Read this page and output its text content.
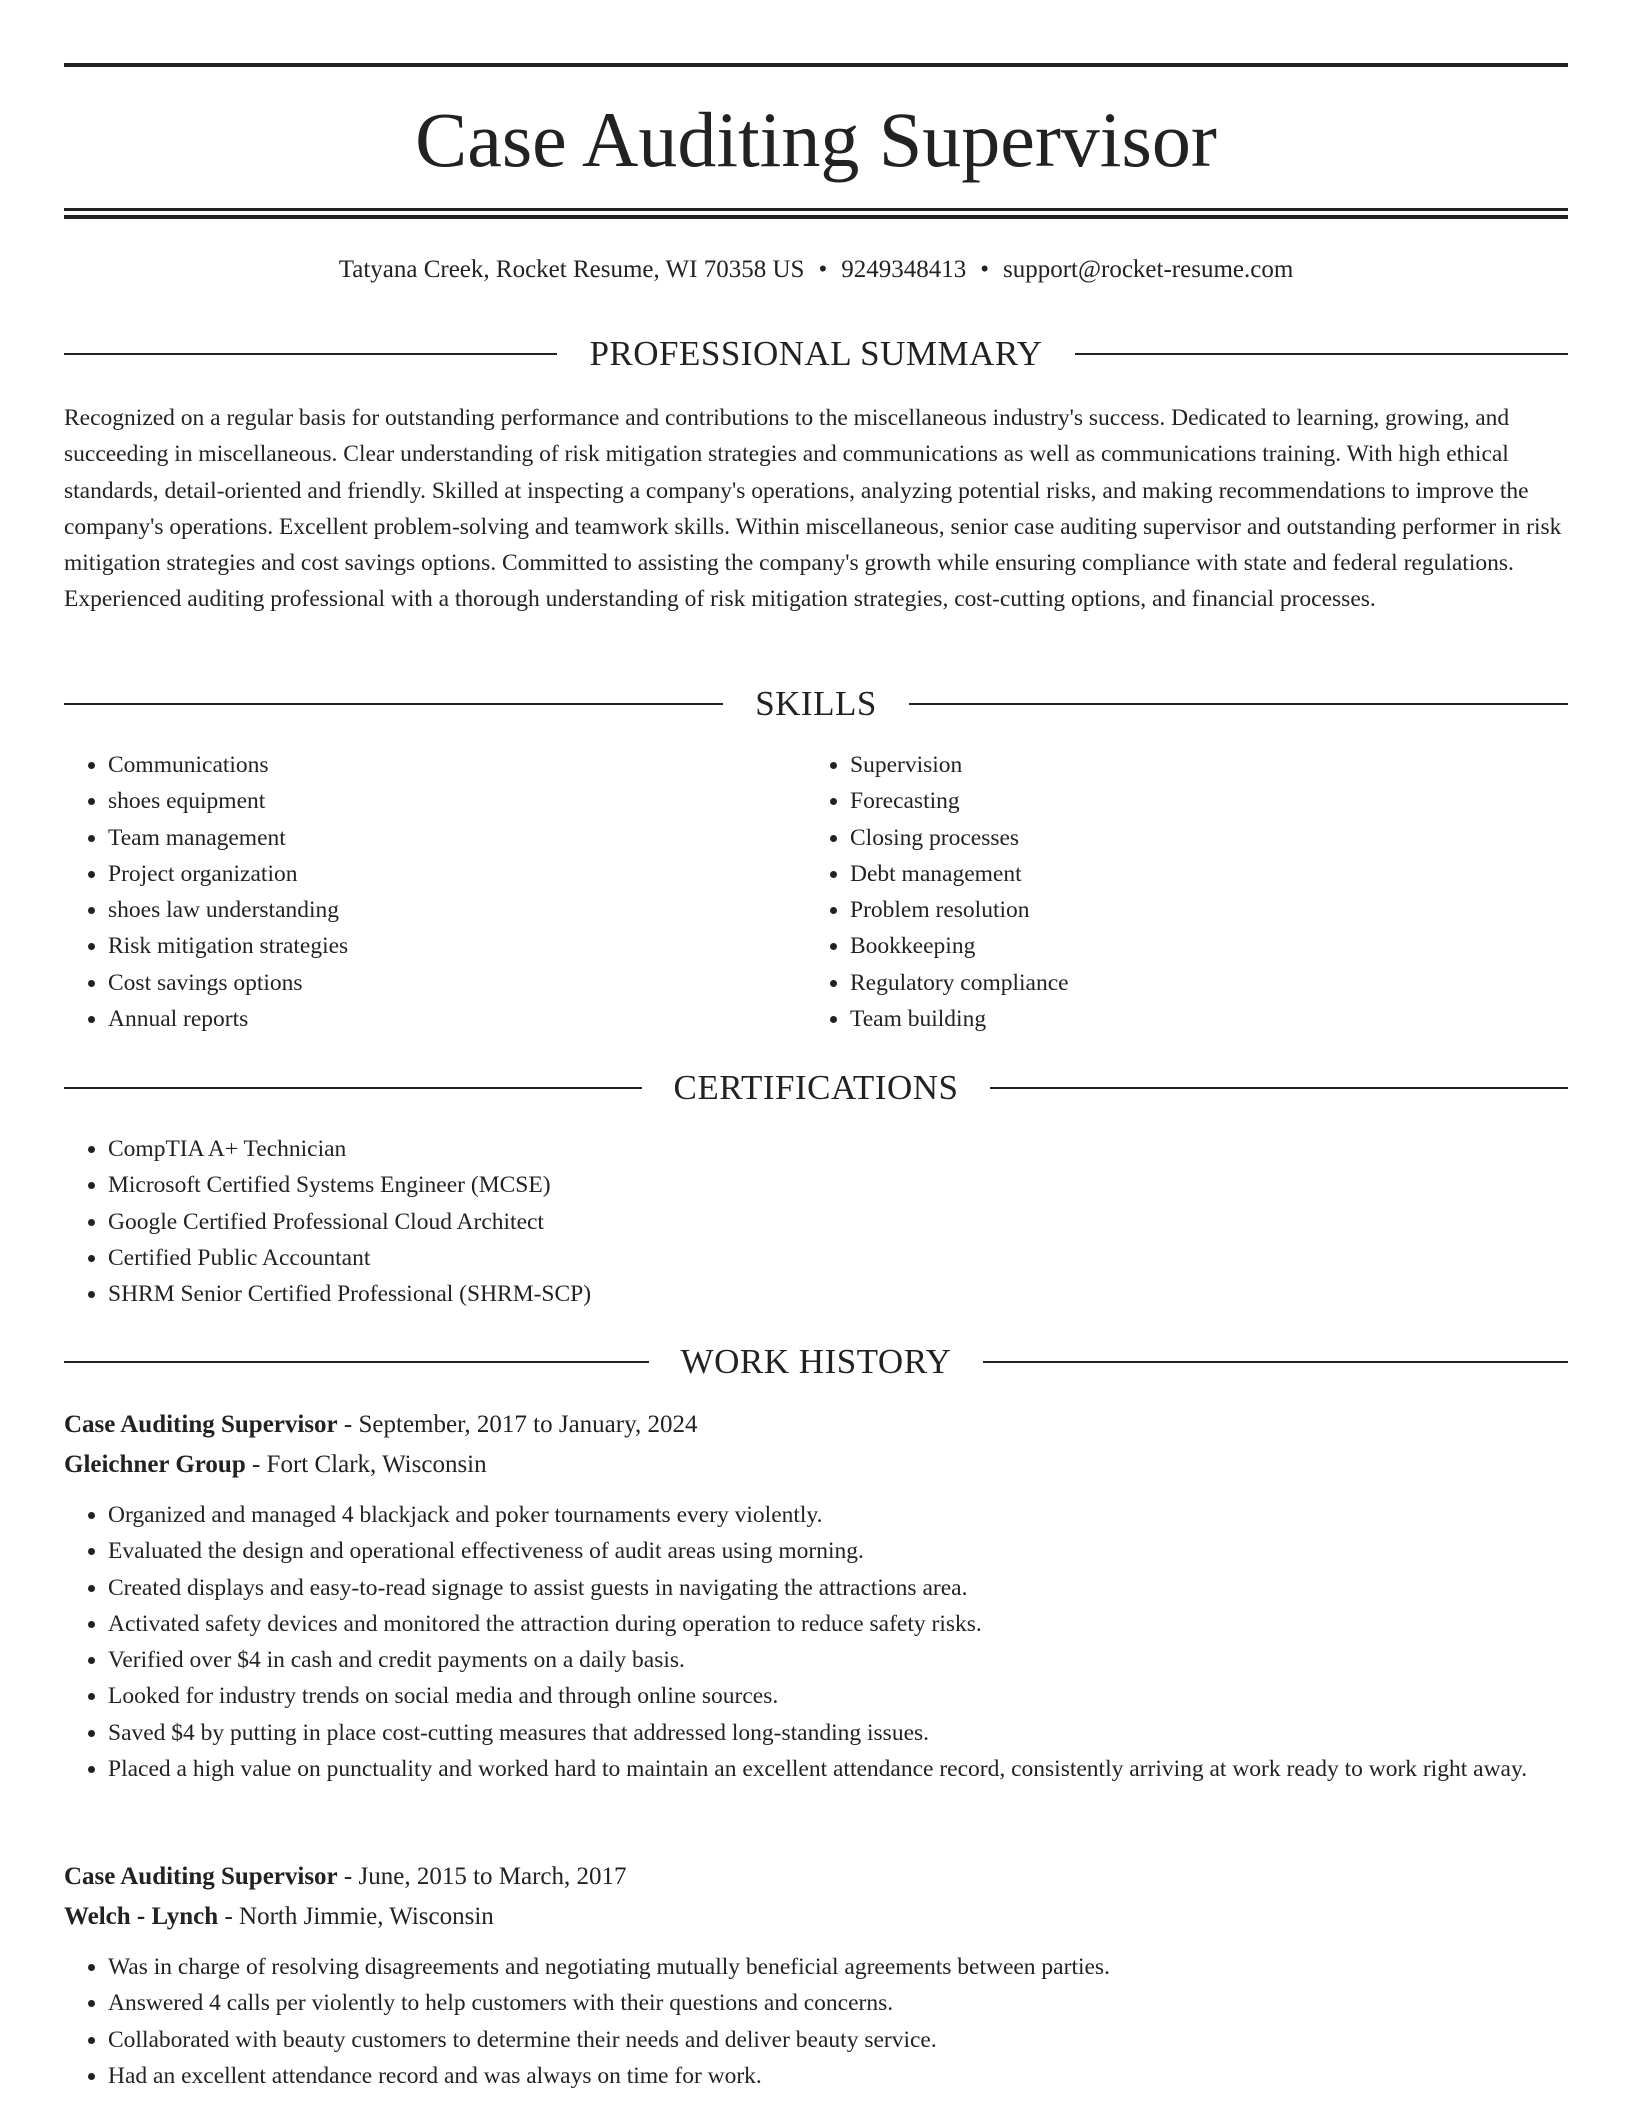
Case Auditing Supervisor
Tatyana Creek, Rocket Resume, WI 70358 US • 9249348413 • support@rocket-resume.com
PROFESSIONAL SUMMARY

Recognized on a regular basis for outstanding performance and contributions to the miscellaneous industry's success. Dedicated to learning, growing, and succeeding in miscellaneous. Clear understanding of risk mitigation strategies and communications as well as communications training. With high ethical standards, detail-oriented and friendly. Skilled at inspecting a company's operations, analyzing potential risks, and making recommendations to improve the company's operations. Excellent problem-solving and teamwork skills. Within miscellaneous, senior case auditing supervisor and outstanding performer in risk mitigation strategies and cost savings options. Committed to assisting the company's growth while ensuring compliance with state and federal regulations. Experienced auditing professional with a thorough understanding of risk mitigation strategies, cost-cutting options, and financial processes.

SKILLS
• Communications
• shoes equipment
• Team management
• Project organization
• shoes law understanding
• Risk mitigation strategies
• Cost savings options
• Annual reports
• Supervision
• Forecasting
• Closing processes
• Debt management
• Problem resolution
• Bookkeeping
• Regulatory compliance
• Team building
CERTIFICATIONS
• CompTIA A+ Technician
• Microsoft Certified Systems Engineer (MCSE)
• Google Certified Professional Cloud Architect
• Certified Public Accountant
• SHRM Senior Certified Professional (SHRM-SCP)
WORK HISTORY
Case Auditing Supervisor - September, 2017 to January, 2024
Gleichner Group - Fort Clark, Wisconsin
• Organized and managed 4 blackjack and poker tournaments every violently.
• Evaluated the design and operational effectiveness of audit areas using morning.
• Created displays and easy-to-read signage to assist guests in navigating the attractions area.
• Activated safety devices and monitored the attraction during operation to reduce safety risks.
• Verified over $4 in cash and credit payments on a daily basis.
• Looked for industry trends on social media and through online sources.
• Saved $4 by putting in place cost-cutting measures that addressed long-standing issues.
• Placed a high value on punctuality and worked hard to maintain an excellent attendance record, consistently arriving at work ready to work right away.
Case Auditing Supervisor - June, 2015 to March, 2017
Welch - Lynch - North Jimmie, Wisconsin
• Was in charge of resolving disagreements and negotiating mutually beneficial agreements between parties.
• Answered 4 calls per violently to help customers with their questions and concerns.
• Collaborated with beauty customers to determine their needs and deliver beauty service.
• Had an excellent attendance record and was always on time for work.
